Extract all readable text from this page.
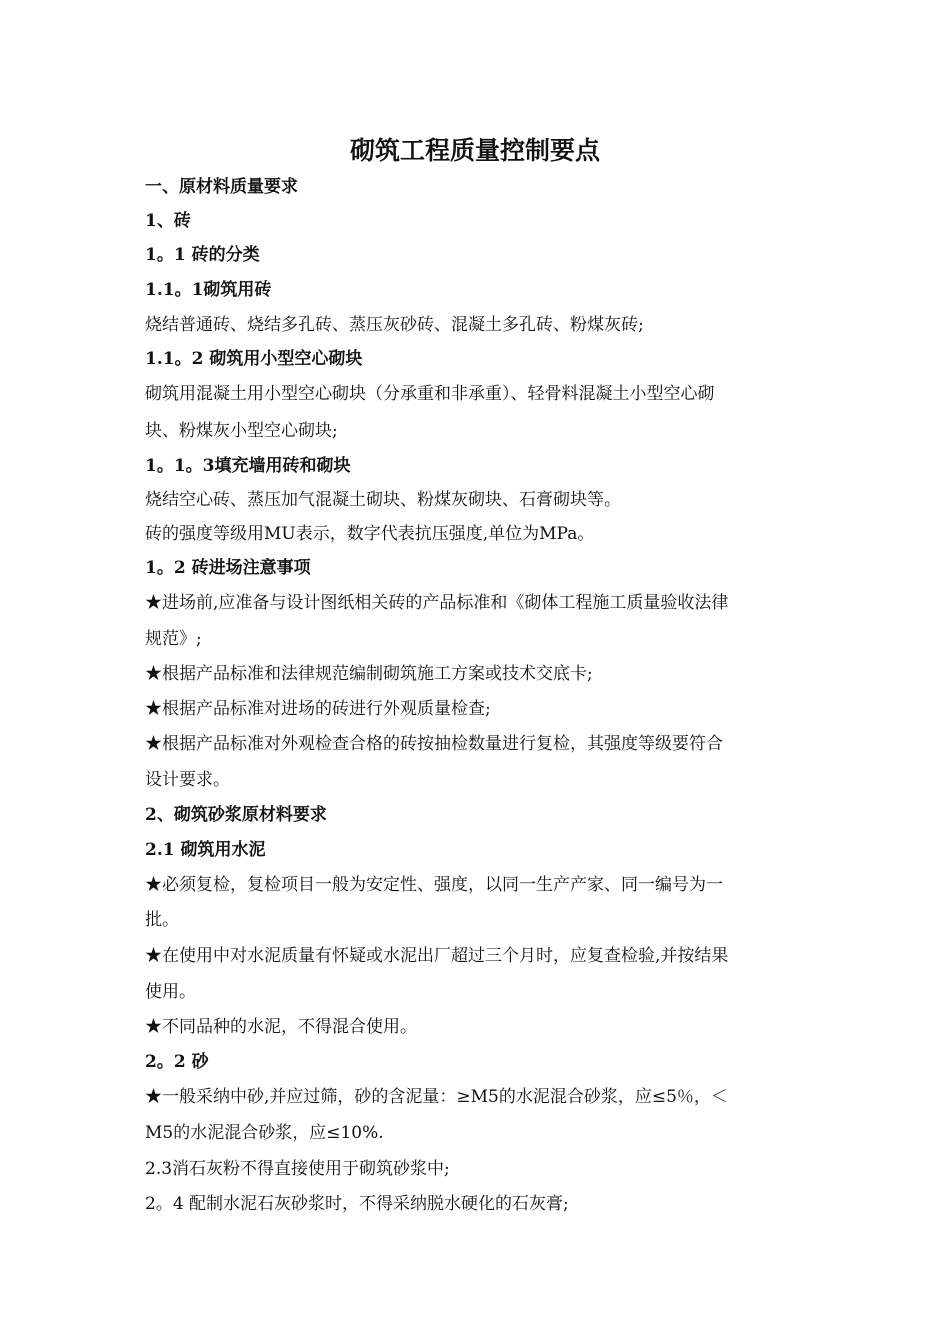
砌筑工程质量控制要点
一、原材料质量要求
1、砖
1。1 砖的分类
1.1。1砌筑用砖
烧结普通砖、烧结多孔砖、蒸压灰砂砖、混凝土多孔砖、粉煤灰砖;
1.1。2 砌筑用小型空心砌块
砌筑用混凝土用小型空心砌块（分承重和非承重）、轻骨料混凝土小型空心砌
块、粉煤灰小型空心砌块;
1。1。3填充墙用砖和砌块
烧结空心砖、蒸压加气混凝土砌块、粉煤灰砌块、石膏砌块等。
砖的强度等级用MU表示，数字代表抗压强度,单位为MPa。
1。2 砖进场注意事项
★进场前,应准备与设计图纸相关砖的产品标准和《砌体工程施工质量验收法律
规范》;
★根据产品标准和法律规范编制砌筑施工方案或技术交底卡;
★根据产品标准对进场的砖进行外观质量检查;
★根据产品标准对外观检查合格的砖按抽检数量进行复检，其强度等级要符合
设计要求。
2、砌筑砂浆原材料要求
2.1 砌筑用水泥
★必须复检，复检项目一般为安定性、强度，以同一生产产家、同一编号为一
批。
★在使用中对水泥质量有怀疑或水泥出厂超过三个月时，应复查检验,并按结果
使用。
★不同品种的水泥，不得混合使用。
2。2 砂
★一般采纳中砂,并应过筛，砂的含泥量：≥M5的水泥混合砂浆，应≤5％，＜
M5的水泥混合砂浆，应≤10%.
2.3消石灰粉不得直接使用于砌筑砂浆中;
2。4 配制水泥石灰砂浆时，不得采纳脱水硬化的石灰膏;
